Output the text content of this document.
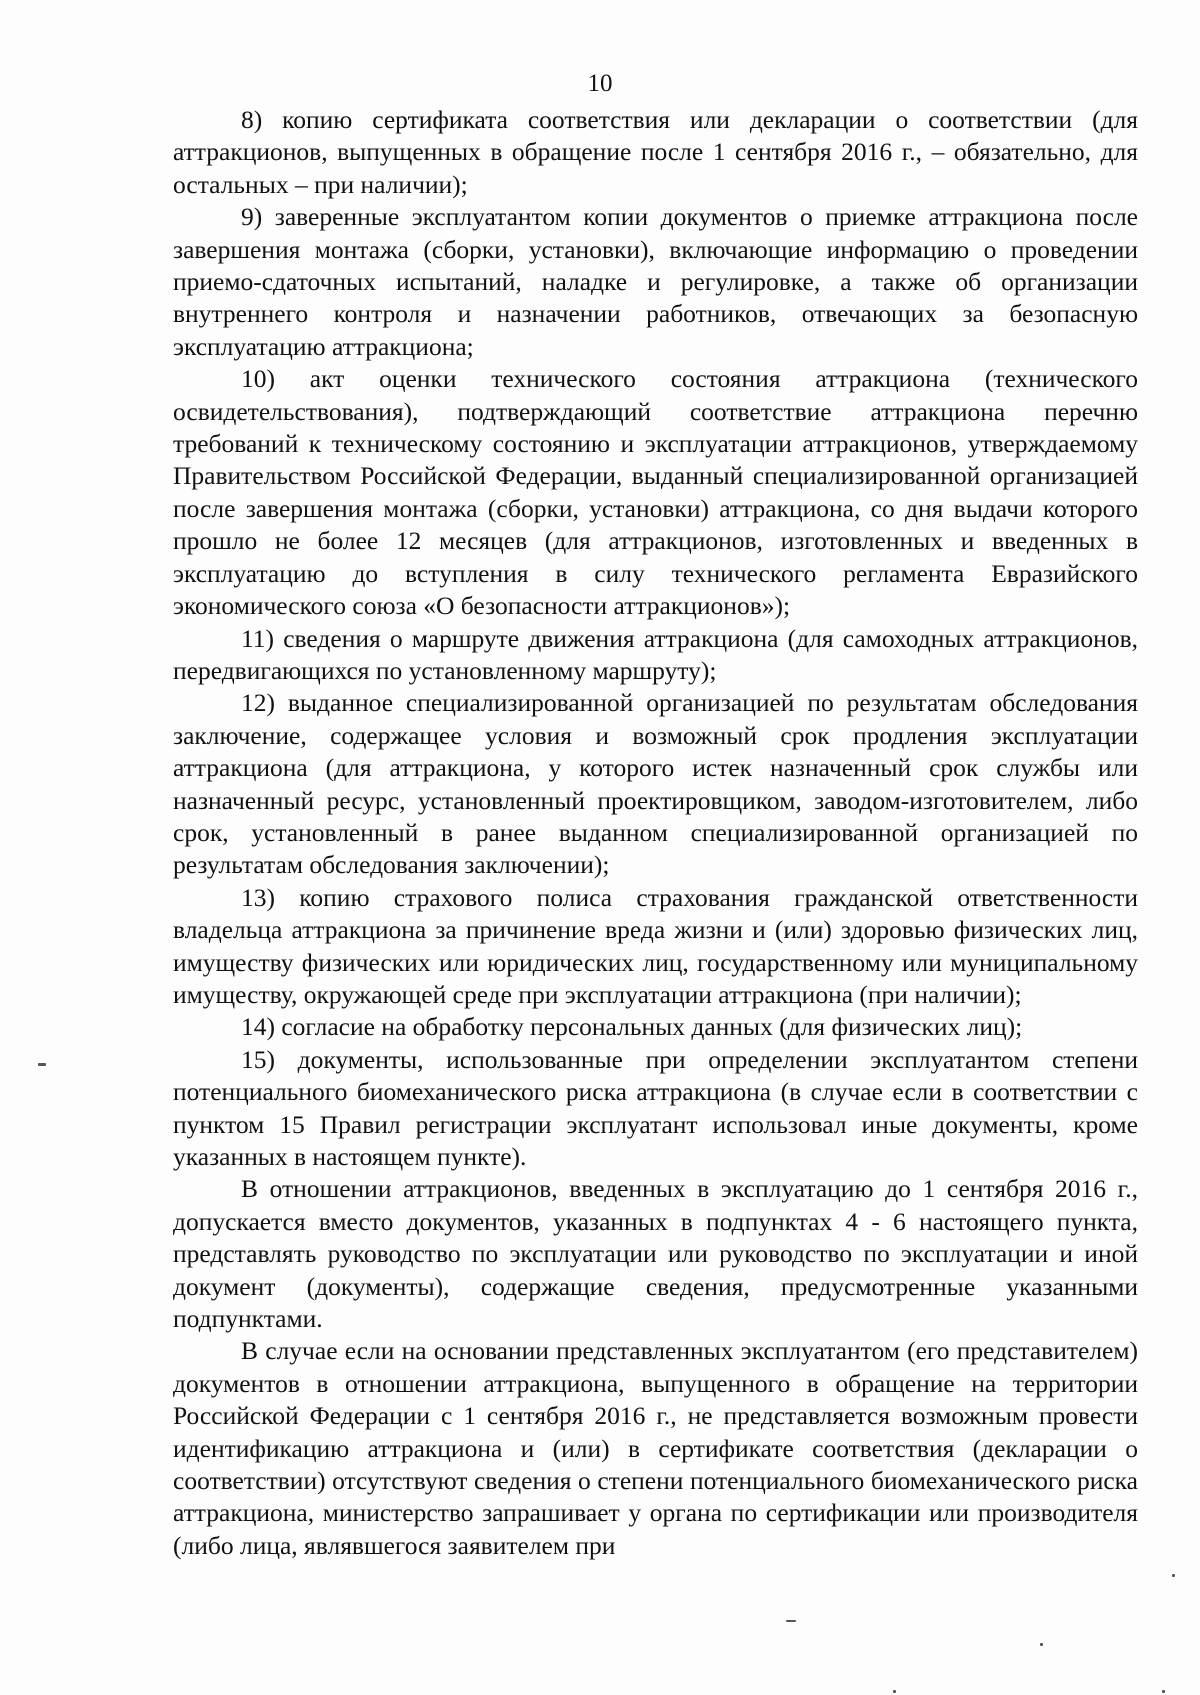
10

8) копию сертификата соответствия или декларации о соответствии (для аттракционов, выпущенных в обращение после 1 сентября 2016 г., – обязательно, для остальных – при наличии);

9) заверенные эксплуатантом копии документов о приемке аттракциона после завершения монтажа (сборки, установки), включающие информацию о проведении приемо-сдаточных испытаний, наладке и регулировке, а также об организации внутреннего контроля и назначении работников, отвечающих за безопасную эксплуатацию аттракциона;

10) акт оценки технического состояния аттракциона (технического освидетельствования), подтверждающий соответствие аттракциона перечню требований к техническому состоянию и эксплуатации аттракционов, утверждаемому Правительством Российской Федерации, выданный специализированной организацией после завершения монтажа (сборки, установки) аттракциона, со дня выдачи которого прошло не более 12 месяцев (для аттракционов, изготовленных и введенных в эксплуатацию до вступления в силу технического регламента Евразийского экономического союза «О безопасности аттракционов»);

11) сведения о маршруте движения аттракциона (для самоходных аттракционов, передвигающихся по установленному маршруту);

12) выданное специализированной организацией по результатам обследования заключение, содержащее условия и возможный срок продления эксплуатации аттракциона (для аттракциона, у которого истек назначенный срок службы или назначенный ресурс, установленный проектировщиком, заводом-изготовителем, либо срок, установленный в ранее выданном специализированной организацией по результатам обследования заключении);

13) копию страхового полиса страхования гражданской ответственности владельца аттракциона за причинение вреда жизни и (или) здоровью физических лиц, имуществу физических или юридических лиц, государственному или муниципальному имуществу, окружающей среде при эксплуатации аттракциона (при наличии);

14) согласие на обработку персональных данных (для физических лиц);

15) документы, использованные при определении эксплуатантом степени потенциального биомеханического риска аттракциона (в случае если в соответствии с пунктом 15 Правил регистрации эксплуатант использовал иные документы, кроме указанных в настоящем пункте).

В отношении аттракционов, введенных в эксплуатацию до 1 сентября 2016 г., допускается вместо документов, указанных в подпунктах 4 - 6 настоящего пункта, представлять руководство по эксплуатации или руководство по эксплуатации и иной документ (документы), содержащие сведения, предусмотренные указанными подпунктами.

В случае если на основании представленных эксплуатантом (его представителем) документов в отношении аттракциона, выпущенного в обращение на территории Российской Федерации с 1 сентября 2016 г., не представляется возможным провести идентификацию аттракциона и (или) в сертификате соответствия (декларации о соответствии) отсутствуют сведения о степени потенциального биомеханического риска аттракциона, министерство запрашивает у органа по сертификации или производителя (либо лица, являвшегося заявителем при
